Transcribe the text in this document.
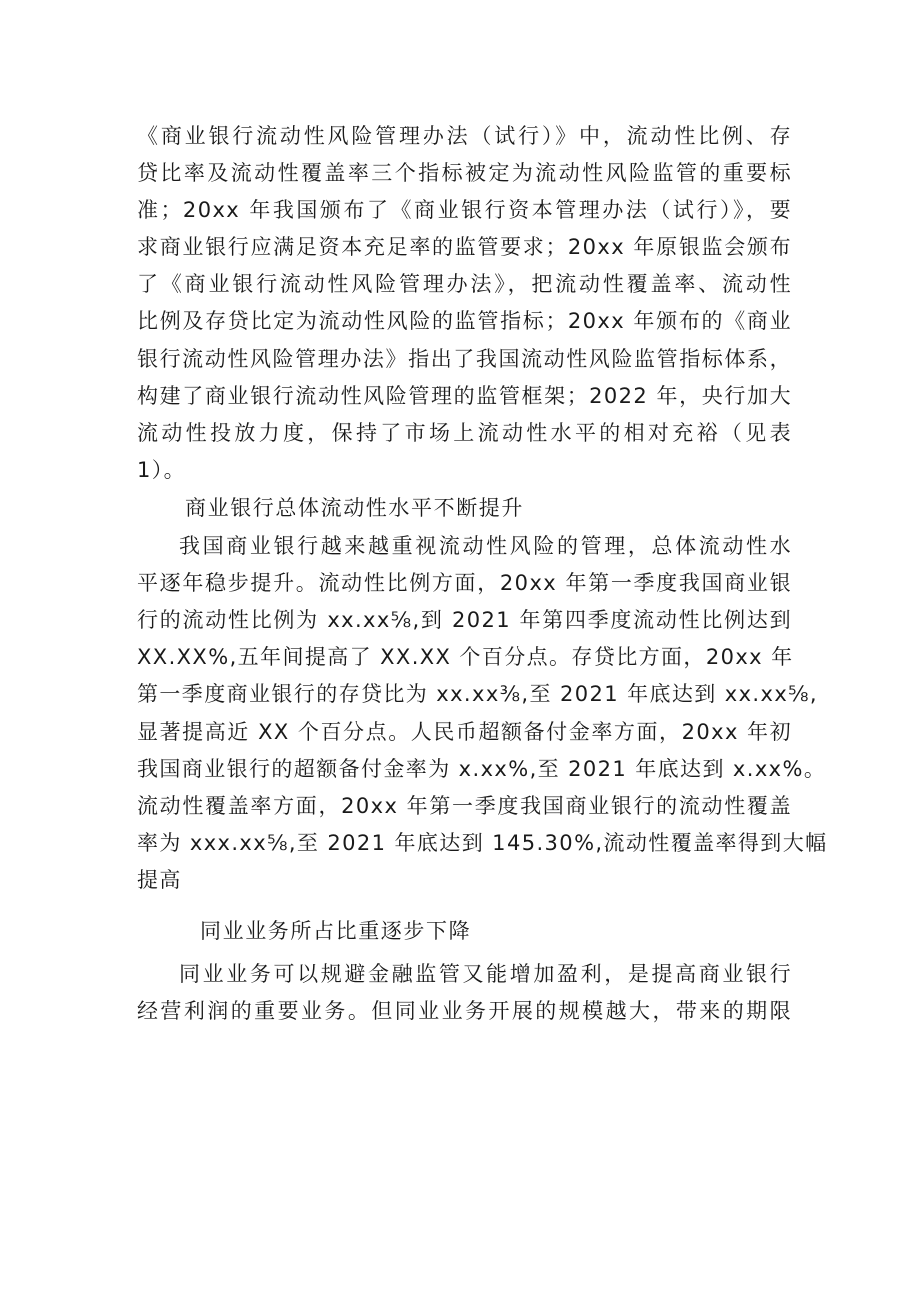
《商业银行流动性风险管理办法（试行）》中，流动性比例、存
贷比率及流动性覆盖率三个指标被定为流动性风险监管的重要标
准；20xx 年我国颁布了《商业银行资本管理办法（试行）》，要
求商业银行应满足资本充足率的监管要求；20xx 年原银监会颁布
了《商业银行流动性风险管理办法》，把流动性覆盖率、流动性
比例及存贷比定为流动性风险的监管指标；20xx 年颁布的《商业
银行流动性风险管理办法》指出了我国流动性风险监管指标体系，
构建了商业银行流动性风险管理的监管框架；2022 年，央行加大
流动性投放力度，保持了市场上流动性水平的相对充裕（见表
1）。

商业银行总体流动性水平不断提升

我国商业银行越来越重视流动性风险的管理，总体流动性水
平逐年稳步提升。流动性比例方面，20xx 年第一季度我国商业银
行的流动性比例为 xx.xx⅝,到 2021 年第四季度流动性比例达到
XX.XX%,五年间提高了 XX.XX 个百分点。存贷比方面，20xx 年
第一季度商业银行的存贷比为 xx.xx⅜,至 2021 年底达到 xx.xx⅝,
显著提高近 XX 个百分点。人民币超额备付金率方面，20xx 年初
我国商业银行的超额备付金率为 x.xx%,至 2021 年底达到 x.xx%。
流动性覆盖率方面，20xx 年第一季度我国商业银行的流动性覆盖
率为 xxx.xx⅝,至 2021 年底达到 145.30%,流动性覆盖率得到大幅
提高

同业业务所占比重逐步下降

同业业务可以规避金融监管又能增加盈利，是提高商业银行
经营利润的重要业务。但同业业务开展的规模越大，带来的期限
